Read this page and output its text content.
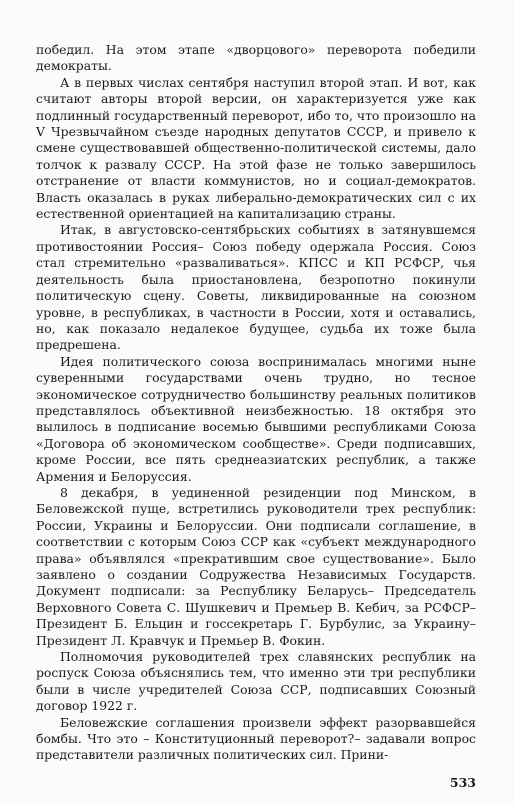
победил. На этом этапе «дворцового» переворота победили демократы.

А в первых числах сентября наступил второй этап. И вот, как считают авторы второй версии, он характеризуется уже как подлинный государственный переворот, ибо то, что произошло на V Чрезвычайном съезде народных депутатов СССР, и привело к смене существовавшей общественно-политической системы, дало толчок к развалу СССР. На этой фазе не только завершилось отстранение от власти коммунистов, но и социал-демократов. Власть оказалась в руках либерально-демократических сил с их естественной ориентацией на капитализацию страны.

Итак, в августовско-сентябрьских событиях в затянувшемся противостоянии Россия– Союз победу одержала Россия. Союз стал стремительно «разваливаться». КПСС и КП РСФСР, чья деятельность была приостановлена, безропотно покинули политическую сцену. Советы, ликвидированные на союзном уровне, в республиках, в частности в России, хотя и оставались, но, как показало недалекое будущее, судьба их тоже была предрешена.

Идея политического союза воспринималась многими ныне суверенными государствами очень трудно, но тесное экономическое сотрудничество большинству реальных политиков представлялось объективной неизбежностью. 18 октября это вылилось в подписание восемью бывшими республиками Союза «Договора об экономическом сообществе». Среди подписавших, кроме России, все пять среднеазиатских республик, а также Армения и Белоруссия.

8 декабря, в уединенной резиденции под Минском, в Беловежской пуще, встретились руководители трех республик: России, Украины и Белоруссии. Они подписали соглашение, в соответствии с которым Союз ССР как «субъект международного права» объявлялся «прекратившим свое существование». Было заявлено о создании Содружества Независимых Государств. Документ подписали: за Республику Беларусь– Председатель Верховного Совета С. Шушкевич и Премьер В. Кебич, за РСФСР– Президент Б. Ельцин и госсекретарь Г. Бурбулис, за Украину– Президент Л. Кравчук и Премьер В. Фокин.

Полномочия руководителей трех славянских республик на роспуск Союза объяснялись тем, что именно эти три республики были в числе учредителей Союза ССР, подписавших Союзный договор 1922 г.

Беловежские соглашения произвели эффект разорвавшейся бомбы. Что это – Конституционный переворот?– задавали вопрос представители различных политических сил. Прини-

533
